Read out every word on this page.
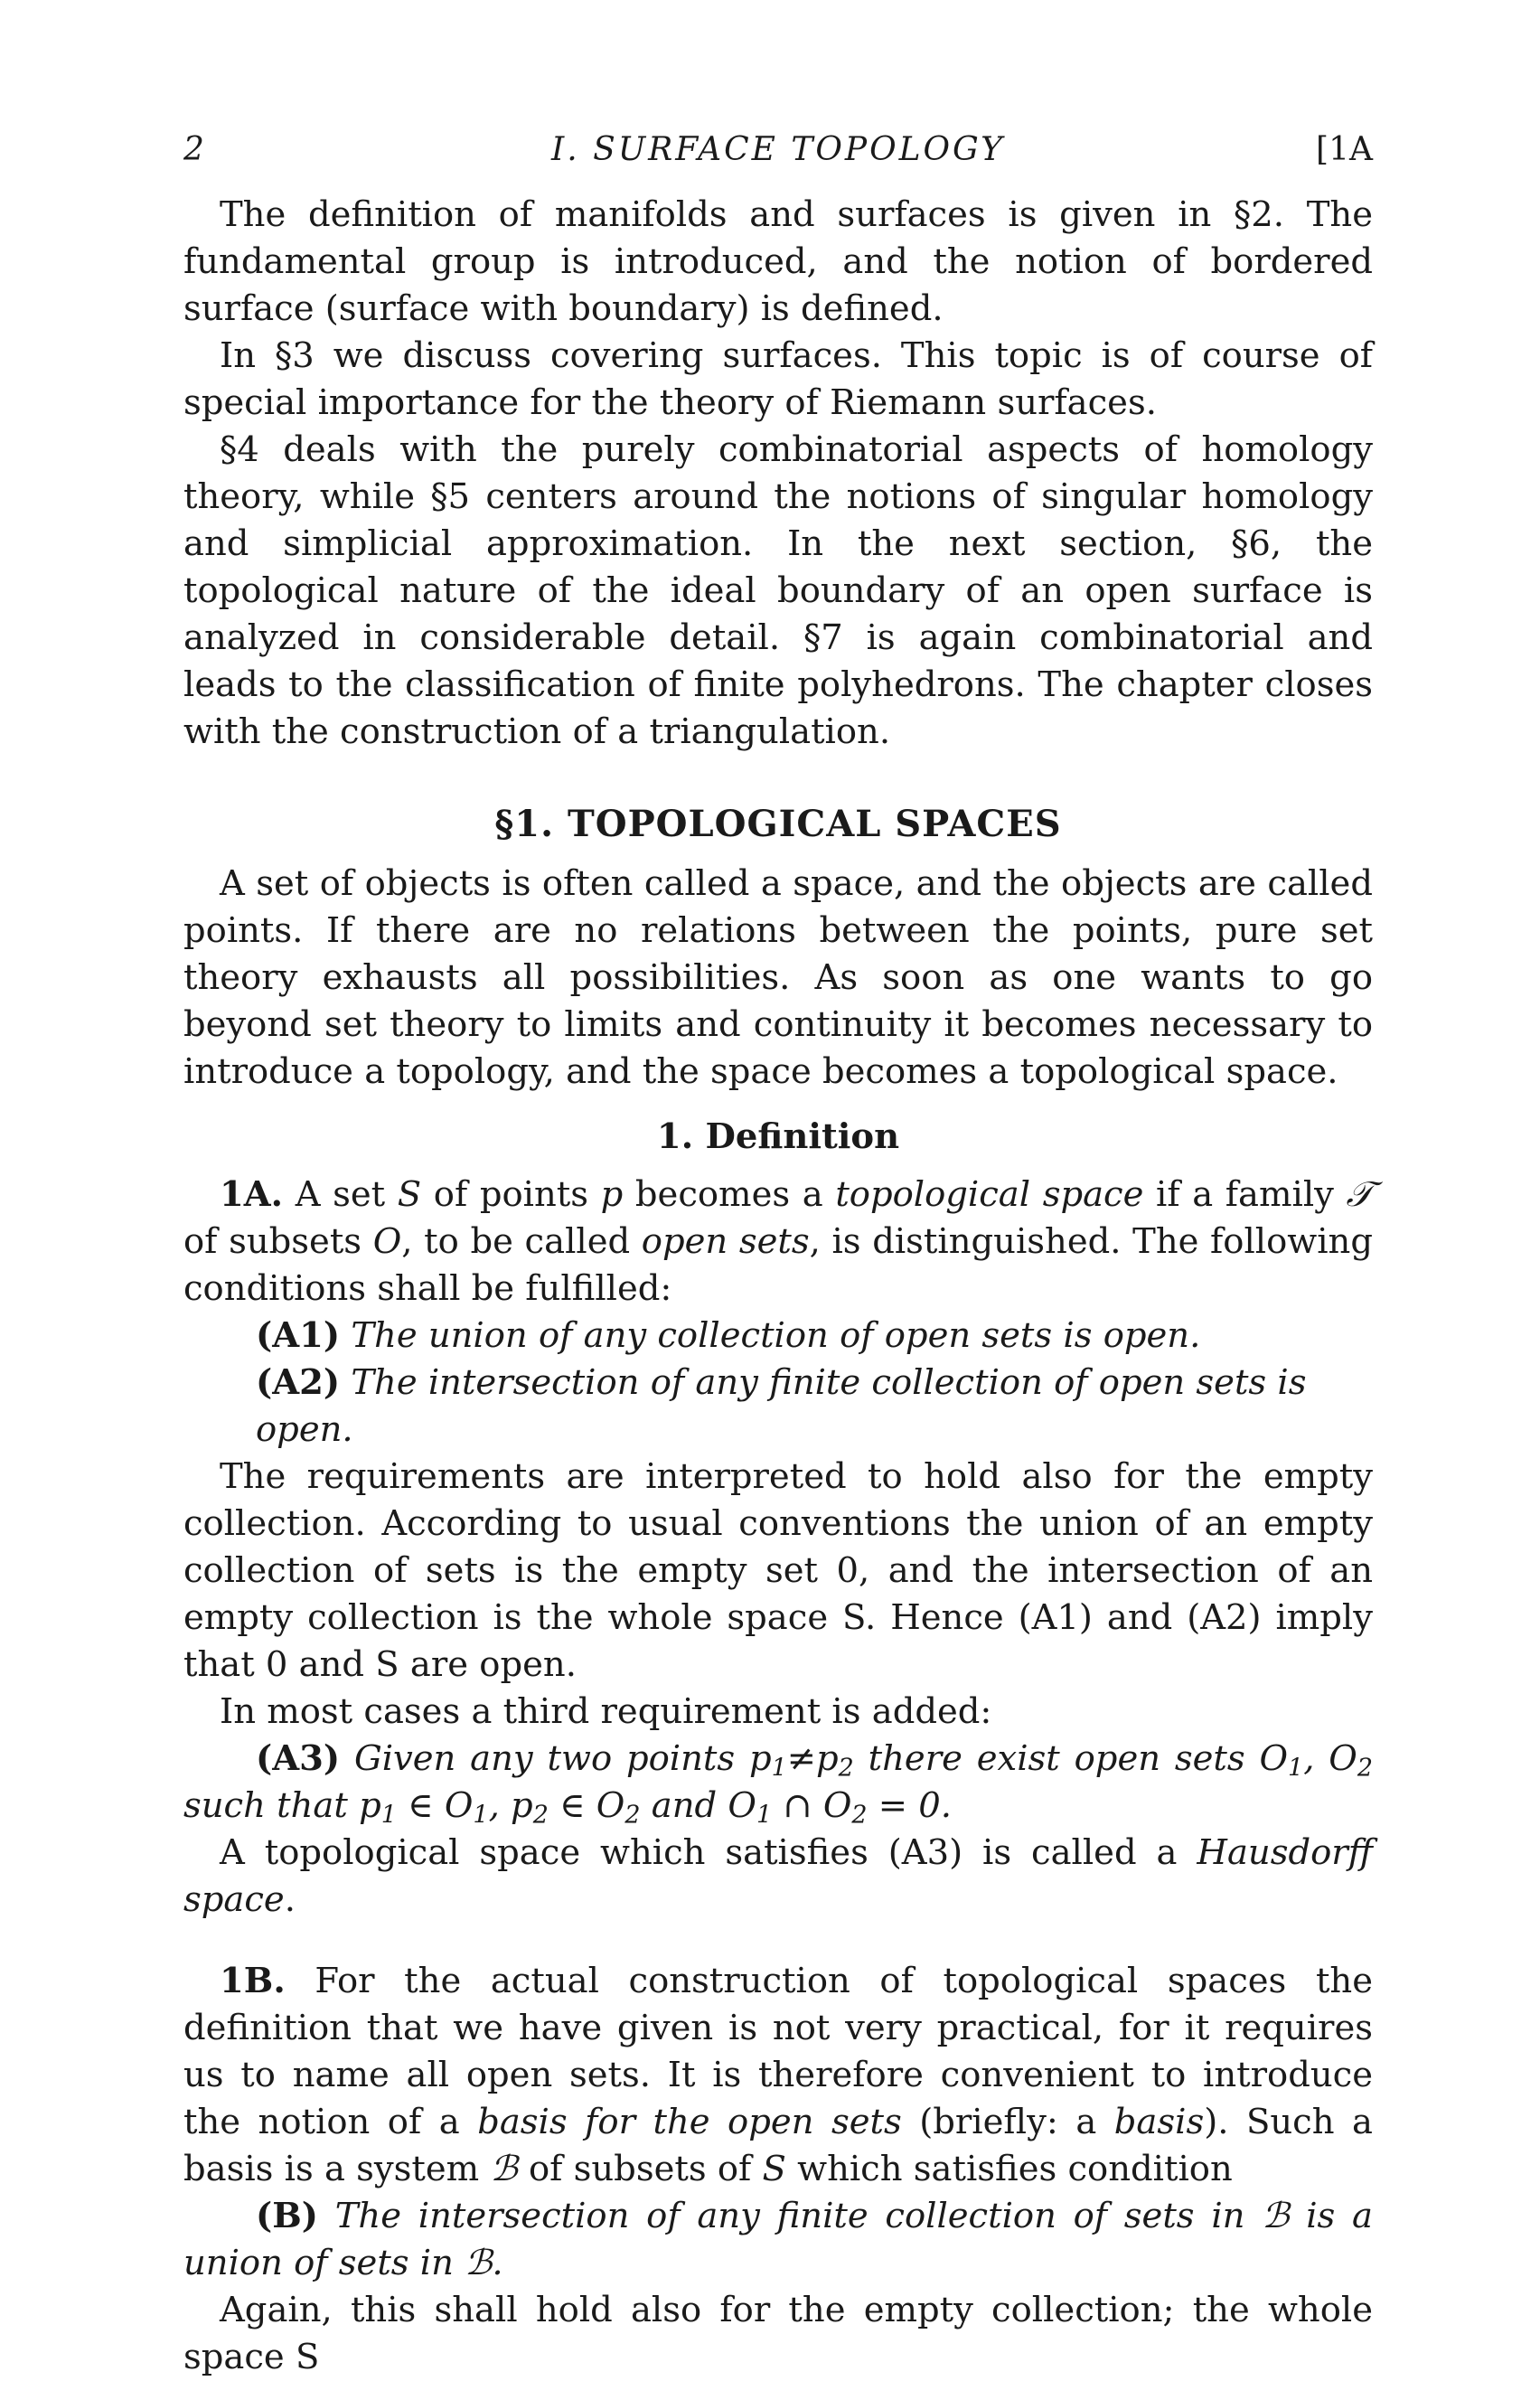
2	I. SURFACE TOPOLOGY	[1A

The definition of manifolds and surfaces is given in §2. The fundamental group is introduced, and the notion of bordered surface (surface with boundary) is defined.

In §3 we discuss covering surfaces. This topic is of course of special importance for the theory of Riemann surfaces.

§4 deals with the purely combinatorial aspects of homology theory, while §5 centers around the notions of singular homology and simplicial approximation. In the next section, §6, the topological nature of the ideal boundary of an open surface is analyzed in considerable detail. §7 is again combinatorial and leads to the classification of finite polyhedrons. The chapter closes with the construction of a triangulation.

§1. TOPOLOGICAL SPACES

A set of objects is often called a space, and the objects are called points. If there are no relations between the points, pure set theory exhausts all possibilities. As soon as one wants to go beyond set theory to limits and continuity it becomes necessary to introduce a topology, and the space becomes a topological space.

1. Definition

1A. A set S of points p becomes a topological space if a family 𝒯 of subsets O, to be called open sets, is distinguished. The following conditions shall be fulfilled:

(A1) The union of any collection of open sets is open.

(A2) The intersection of any finite collection of open sets is open.

The requirements are interpreted to hold also for the empty collection. According to usual conventions the union of an empty collection of sets is the empty set 0, and the intersection of an empty collection is the whole space S. Hence (A1) and (A2) imply that 0 and S are open.

In most cases a third requirement is added:

(A3) Given any two points $p_1\ne p_2$ there exist open sets $O_1$, $O_2$ such that $p_1$ ∈ $O_1$, $p_2$ ∈ $O_2$ and $O_1$ ∩ $O_2 = 0$.

A topological space which satisfies (A3) is called a Hausdorff space.

1B. For the actual construction of topological spaces the definition that we have given is not very practical, for it requires us to name all open sets. It is therefore convenient to introduce the notion of a basis for the open sets (briefly: a basis). Such a basis is a system ℬ of subsets of S which satisfies condition

(B) The intersection of any finite collection of sets in ℬ is a union of sets in ℬ.

Again, this shall hold also for the empty collection; the whole space S
